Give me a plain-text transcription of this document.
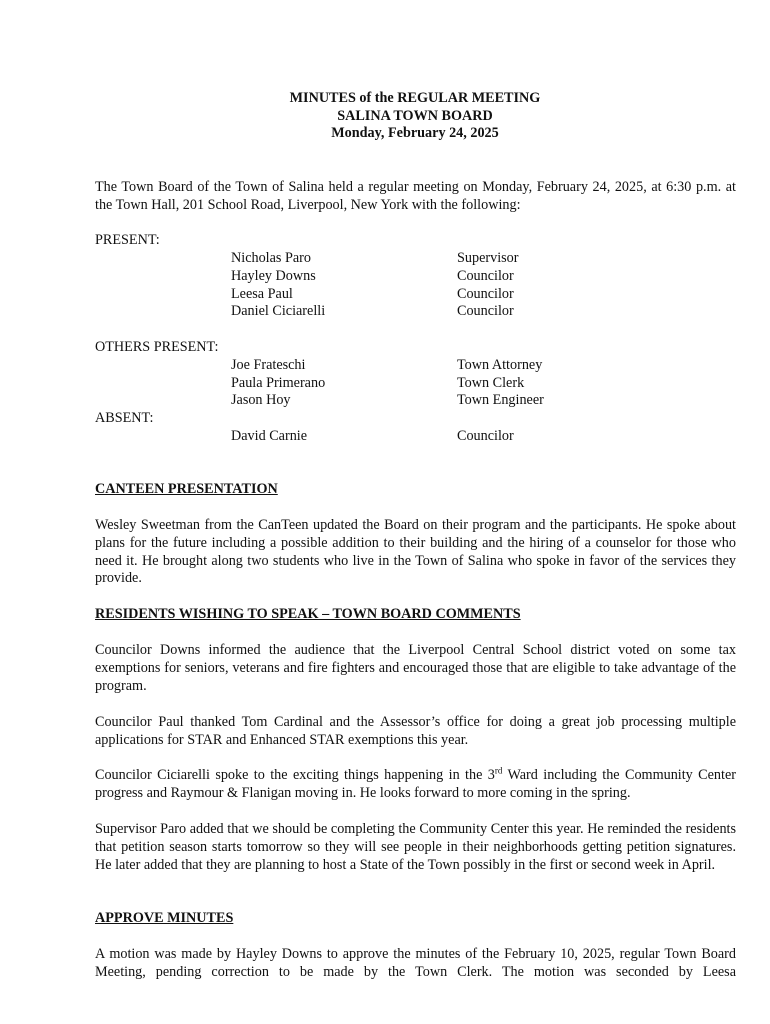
MINUTES of the REGULAR MEETING
SALINA TOWN BOARD
Monday, February 24, 2025

The Town Board of the Town of Salina held a regular meeting on Monday, February 24, 2025, at 6:30 p.m. at the Town Hall, 201 School Road, Liverpool, New York with the following:

PRESENT:
Nicholas Paro	Supervisor
Hayley Downs	Councilor
Leesa Paul	Councilor
Daniel Ciciarelli	Councilor
OTHERS PRESENT:
Joe Frateschi	Town Attorney
Paula Primerano	Town Clerk
Jason Hoy	Town Engineer
ABSENT:
David Carnie	Councilor
CANTEEN PRESENTATION

Wesley Sweetman from the CanTeen updated the Board on their program and the participants. He spoke about plans for the future including a possible addition to their building and the hiring of a counselor for those who need it. He brought along two students who live in the Town of Salina who spoke in favor of the services they provide.

RESIDENTS WISHING TO SPEAK – TOWN BOARD COMMENTS

Councilor Downs informed the audience that the Liverpool Central School district voted on some tax exemptions for seniors, veterans and fire fighters and encouraged those that are eligible to take advantage of the program.

Councilor Paul thanked Tom Cardinal and the Assessor’s office for doing a great job processing multiple applications for STAR and Enhanced STAR exemptions this year.

Councilor Ciciarelli spoke to the exciting things happening in the 3rd Ward including the Community Center progress and Raymour & Flanigan moving in. He looks forward to more coming in the spring.

Supervisor Paro added that we should be completing the Community Center this year. He reminded the residents that petition season starts tomorrow so they will see people in their neighborhoods getting petition signatures. He later added that they are planning to host a State of the Town possibly in the first or second week in April.

APPROVE MINUTES

A motion was made by Hayley Downs to approve the minutes of the February 10, 2025, regular Town Board Meeting, pending correction to be made by the Town Clerk. The motion was seconded by Leesa
